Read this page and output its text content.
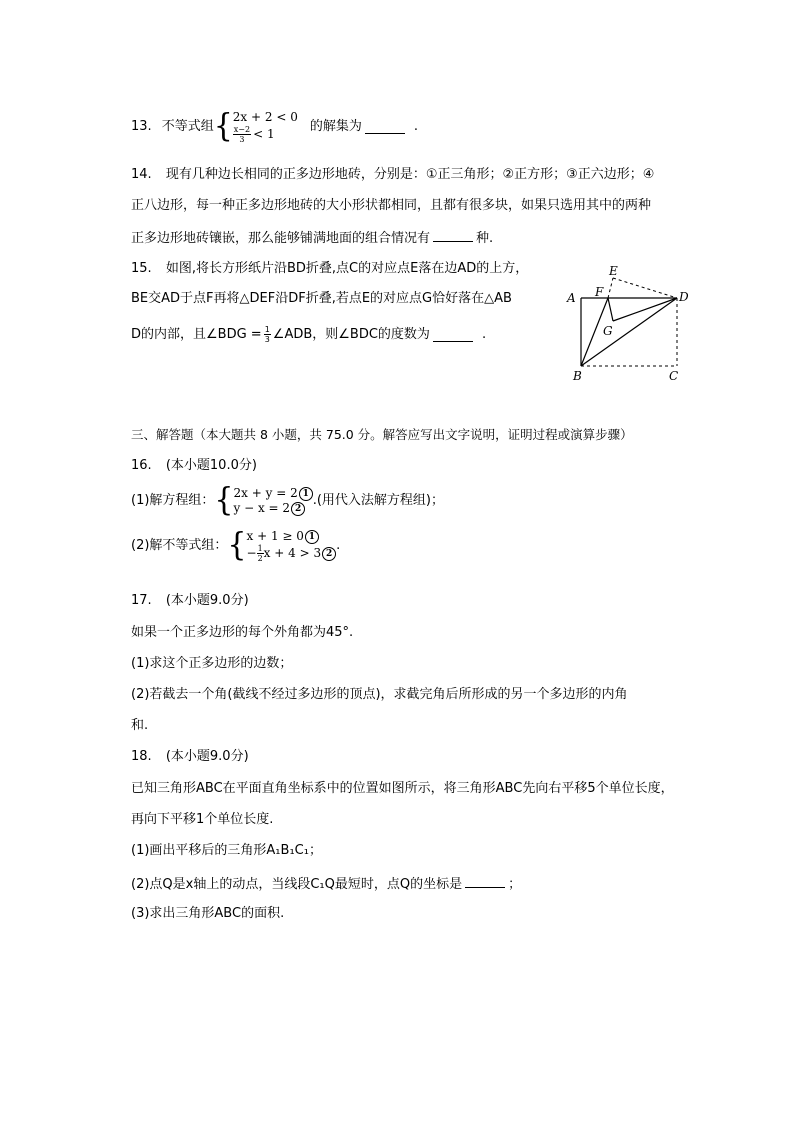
13. 不等式组 { 2x + 2 < 0
$\frac{x-2}{3} < 1$	的解集为	.
14. 现有几种边长相同的正多边形地砖，分别是：①正三角形；②正方形；③正六边形；④
正八边形，每一种正多边形地砖的大小形状都相同，且都有很多块，如果只选用其中的两种
正多边形地砖镶嵌，那么能够铺满地面的组合情况有	种.
15. 如图,将长方形纸片沿BD折叠,点C的对应点E落在边AD的上方，
BE交AD于点F再将△DEF沿DF折叠,若点E的对应点G恰好落在△AB
D的内部，且∠BDG = $\frac{1}{3}$ ∠ADB，则∠BDC的度数为	.
A
B	C
D
E
F
G
三、解答题（本大题共 8 小题，共 75.0 分。解答应写出文字说明，证明过程或演算步骤）
16. (本小题10.0分)
(1)解方程组： { 2x + y = 2 1
y − x = 2 2
.(用代入法解方程组)；
(2)解不等式组： { x + 1 ≥ 0 1
− $\frac{1}{2}$ x + 4 > 3 2
.
17. (本小题9.0分)
如果一个正多边形的每个外角都为45°.
(1)求这个正多边形的边数；
(2)若截去一个角(截线不经过多边形的顶点)，求截完角后所形成的另一个多边形的内角
和.
18. (本小题9.0分)
已知三角形ABC在平面直角坐标系中的位置如图所示，将三角形ABC先向右平移5个单位长度，
再向下平移1个单位长度.
(1)画出平移后的三角形A₁B₁C₁；
(2)点Q是x轴上的动点，当线段C₁Q最短时，点Q的坐标是	；
(3)求出三角形ABC的面积.
